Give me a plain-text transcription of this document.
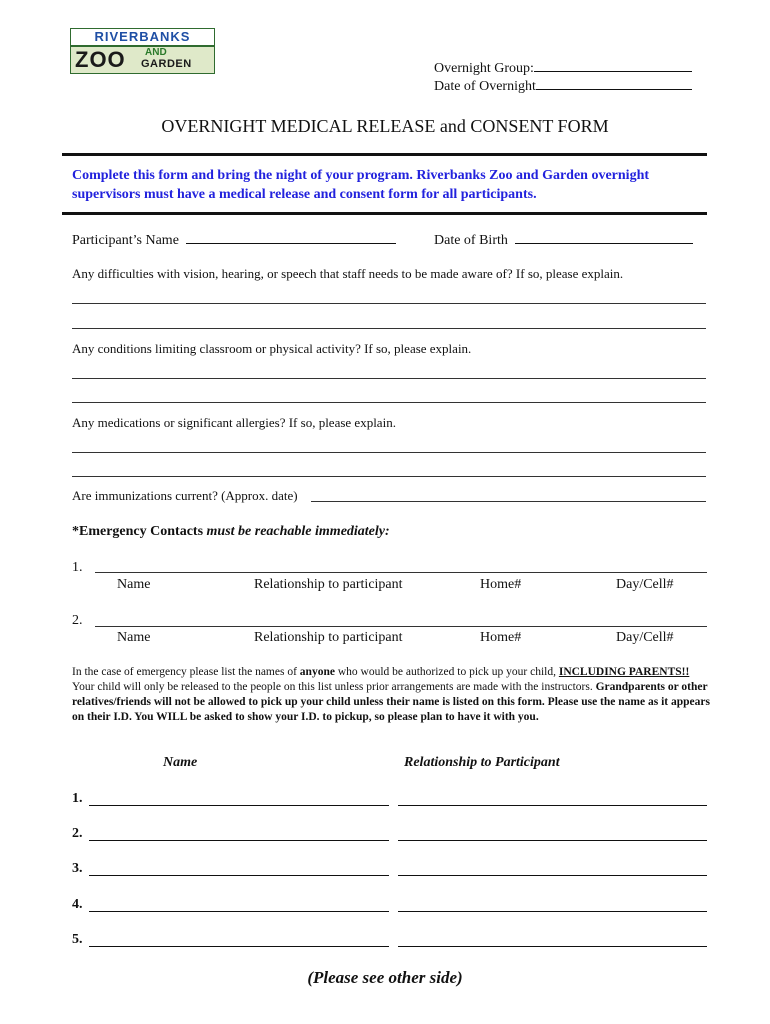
RIVERBANKS
ZOO AND
GARDEN	Overnight Group:
Date of Overnight
OVERNIGHT MEDICAL RELEASE and CONSENT FORM
Complete this form and bring the night of your program. Riverbanks Zoo and Garden overnight supervisors must have a medical release and consent form for all participants.
Participant’s Name	Date of Birth
Any difficulties with vision, hearing, or speech that staff needs to be made aware of? If so, please explain.
Any conditions limiting classroom or physical activity? If so, please explain.
Any medications or significant allergies? If so, please explain.
Are immunizations current? (Approx. date)
*Emergency Contacts must be reachable immediately:
1.
Name	Relationship to participant	Home#	Day/Cell#
2.
Name	Relationship to participant	Home#	Day/Cell#
In the case of emergency please list the names of anyone who would be authorized to pick up your child, INCLUDING PARENTS!! Your child will only be released to the people on this list unless prior arrangements are made with the instructors. Grandparents or other relatives/friends will not be allowed to pick up your child unless their name is listed on this form. Please use the name as it appears on their I.D. You WILL be asked to show your I.D. to pickup, so please plan to have it with you.
Name	Relationship to Participant
1.
2.
3.
4.
5.
(Please see other side)
